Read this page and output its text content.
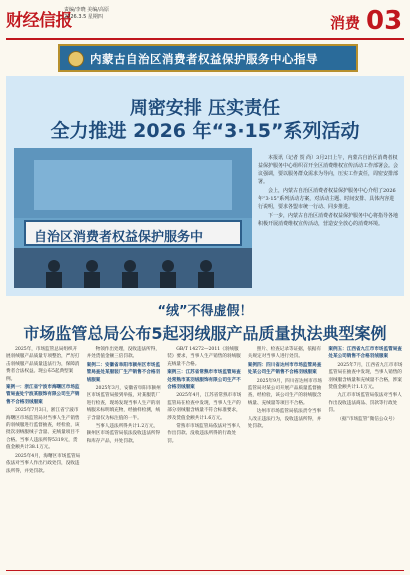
财经信报
责编/李晓 美编/高原
2026.3.5 星期四	消费 03
内蒙古自治区消费者权益保护服务中心指导
周密安排 压实责任
全力推进 2026 年“3·15”系列活动
自治区消费者权益保护服务中

本报讯（记者 贺 尚）3月2日上午，内蒙古自治区消费者权益保护服务中心组织召开全区消费维权宣传活动工作部署会。会议强调，要以服务群众需求为导向，压实工作责任，周密安排部署。

会上，内蒙古自治区消费者权益保护服务中心介绍了2026年“3·15”系列活动方案，对活动主题、时间安排、具体内容进行说明，要求各盟市统一行动、同步推进。

下一步，内蒙古自治区消费者权益保护服务中心将指导各地积极开展消费维权宣传活动，营造安全放心的消费环境。

“绒”不得虚假！
市场监管总局公布5起羽绒服产品质量执法典型案例

2025年，市场监管总局组织开展羽绒服产品质量专项整治，严厉打击羽绒服产品质量违法行为，保障消费者合法权益。现公布5起典型案例。

案例一：浙江省宁波市海曙区市场监管局查处宁波某服饰有限公司生产销售不合格羽绒服案

2025年7月3日，浙江省宁波市海曙区市场监管局对当事人生产销售的羽绒服进行监督抽查，经检验，该批次羽绒服绒子含量、充绒量项目不合格。当事人违法所得5319元，货值金额共计38.1万元。

2025年4月，海曙区市场监管局依法对当事人作出行政处罚，没收违法所得，并处罚款。

物领作出处理，没收违法所得，并处货值金额三倍罚款。

案例二：安徽省阜阳市颍州区市场监管局查处某服装厂生产销售不合格羽绒服案

2025年3月，安徽省阜阳市颍州区市场监管局接到举报，对某服装厂进行检查，现场发现当事人生产的羽绒服未标明填充物，经抽样检测，绒子含量仅为标注值的一半。

当事人违法所得共计1.2万元，颍州区市场监管局依法没收违法所得和库存产品，并处罚款。

GB/T 14272—2011《羽绒服装》要求，当事人生产销售的羽绒服充绒量不合格。

案例三：江苏省常熟市市场监管局查处常熟市某羽绒服饰有限公司生产不合格羽绒服案

2025年4月，江苏省常熟市市场监管局在检查中发现，当事人生产的部分羽绒服含绒量不符合标准要求，涉及货值金额共计1.6万元。

常熟市市场监管局依法对当事人作出罚款、没收违法所得的行政处罚。

照片、检查记录等证据，依据有关规定对当事人进行处罚。

案例四：四川省达州市市场监管局查处某公司生产销售不合格羽绒服案

2025年9月，四川省达州市市场监管局对某公司开展产品质量监督抽查，经检验，该公司生产的羽绒服含绒量、充绒量等项目不合格。

达州市市场监管局依法责令当事人改正违法行为，没收违法所得，并处罚款。

案例五：江西省九江市市场监管局查处某公司销售不合格羽绒服案

2025年7月，江西省九江市市场监管局在抽查中发现，当事人销售的羽绒服含绒量和充绒量不合格，涉案货值金额共计1.1万元。

九江市市场监管局依法对当事人作出没收违法商品、罚款等行政处罚。

（据“市场监管”微信公众号）
